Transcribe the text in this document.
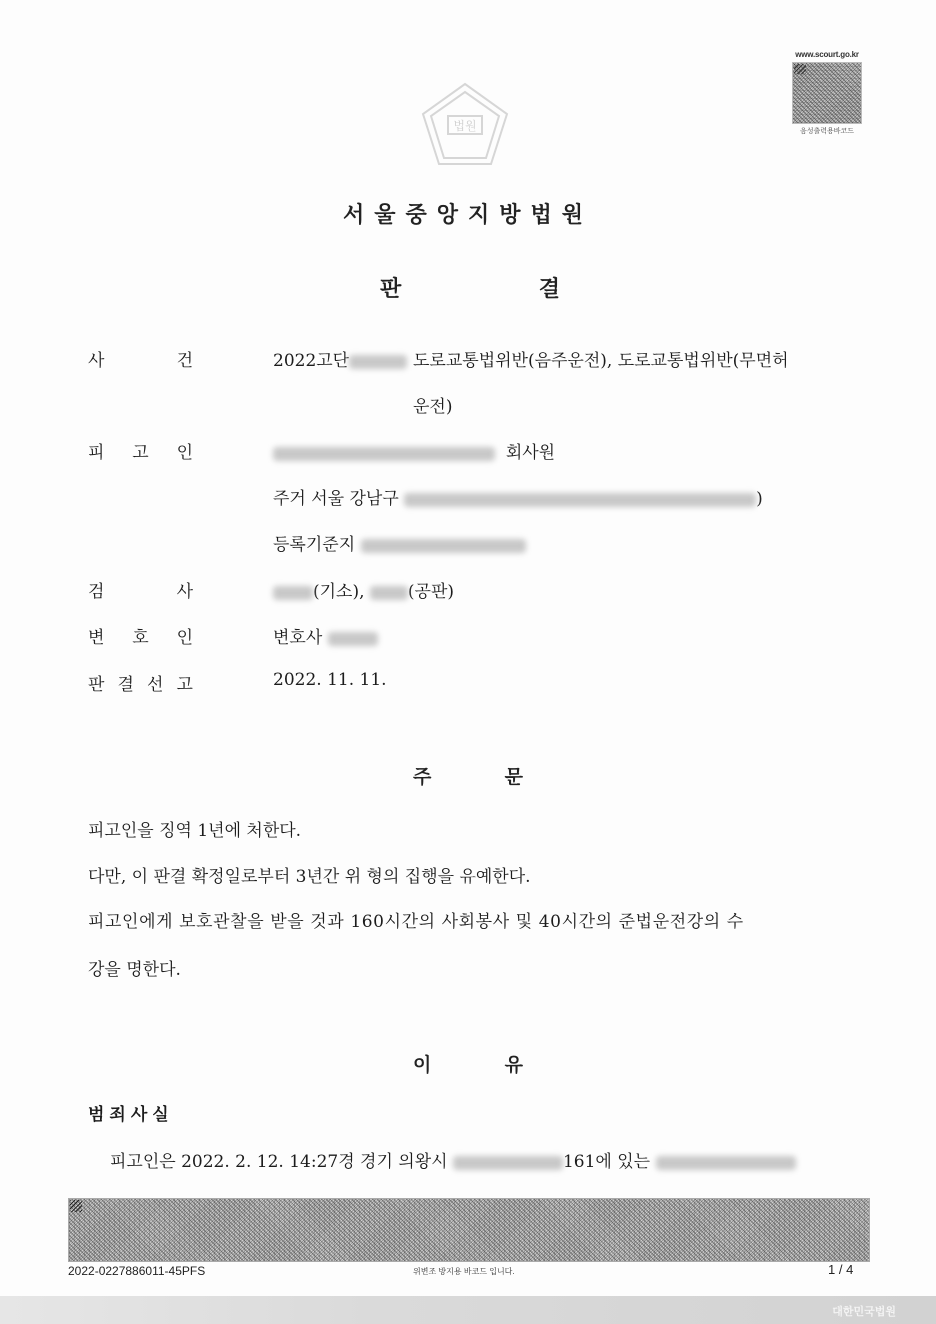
www.scourt.go.kr
음성출력용바코드
법원
서울중앙지방법원
판	결
사	건	2022고단	도로교통법위반(음주운전), 도로교통법위반(무면허
운전)
피 고 인	회사원
주거 서울 강남구	)
등록기준지
검	사	(기소),	(공판)
변 호 인	변호사
판 결 선 고	2022. 11. 11.
주	문
피고인을 징역 1년에 처한다.
다만, 이 판결 확정일로부터 3년간 위 형의 집행을 유예한다.
피고인에게 보호관찰을 받을 것과 160시간의 사회봉사 및 40시간의 준법운전강의 수
강을 명한다.
이	유
범죄사실
피고인은 2022. 2. 12. 14:27경 경기 의왕시	161에 있는
2022-0227886011-45PFS	위변조 방지용 바코드 입니다.	1 / 4
대한민국법원
